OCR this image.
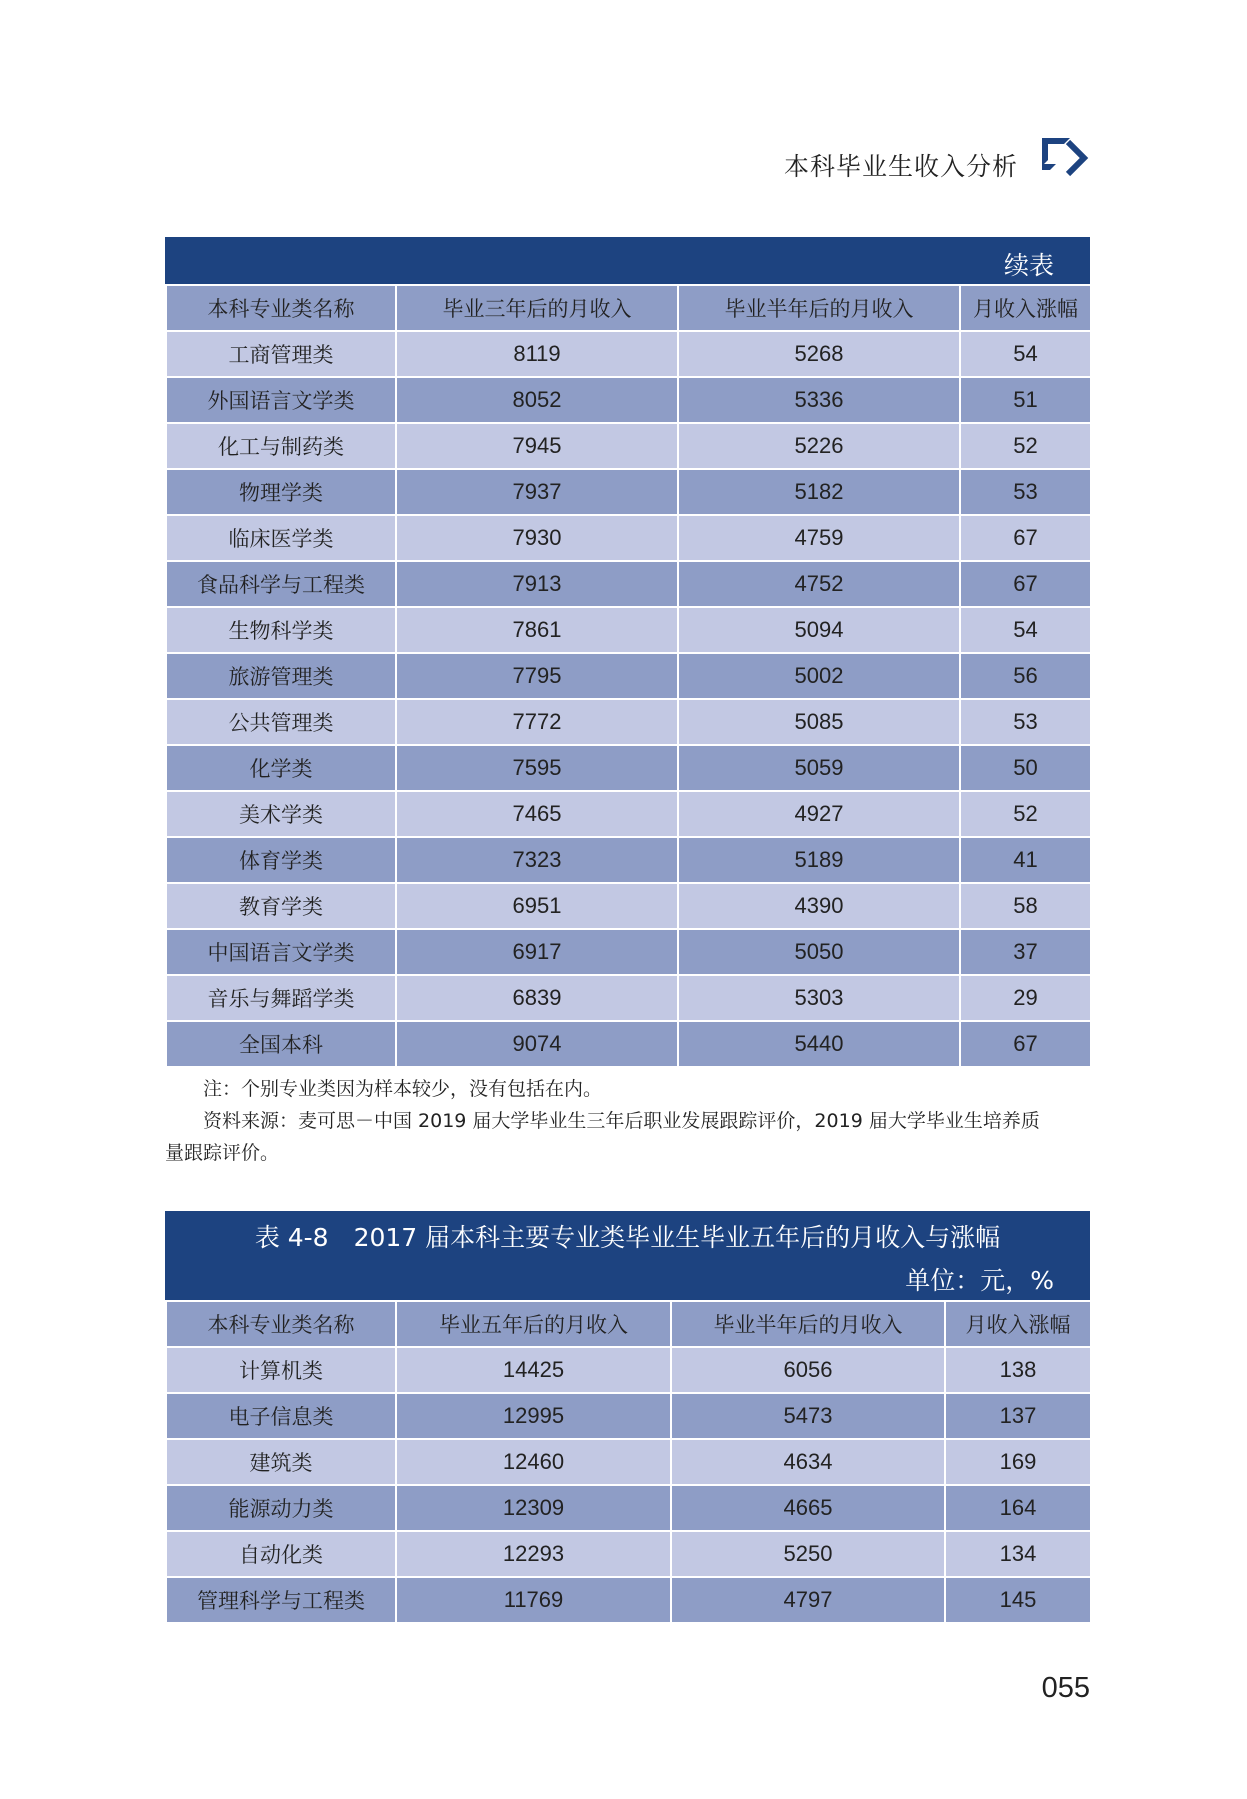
本科毕业生收入分析
续表
本科专业类名称	毕业三年后的月收入	毕业半年后的月收入	月收入涨幅
工商管理类	8119	5268	54
外国语言文学类	8052	5336	51
化工与制药类	7945	5226	52
物理学类	7937	5182	53
临床医学类	7930	4759	67
食品科学与工程类	7913	4752	67
生物科学类	7861	5094	54
旅游管理类	7795	5002	56
公共管理类	7772	5085	53
化学类	7595	5059	50
美术学类	7465	4927	52
体育学类	7323	5189	41
教育学类	6951	4390	58
中国语言文学类	6917	5050	37
音乐与舞蹈学类	6839	5303	29
全国本科	9074	5440	67

注：个别专业类因为样本较少，没有包括在内。

资料来源：麦可思－中国 2019 届大学毕业生三年后职业发展跟踪评价，2019 届大学毕业生培养质

量跟踪评价。

表 4-8　2017 届本科主要专业类毕业生毕业五年后的月收入与涨幅
单位：元，%
本科专业类名称	毕业五年后的月收入	毕业半年后的月收入	月收入涨幅
计算机类	14425	6056	138
电子信息类	12995	5473	137
建筑类	12460	4634	169
能源动力类	12309	4665	164
自动化类	12293	5250	134
管理科学与工程类	11769	4797	145
055
